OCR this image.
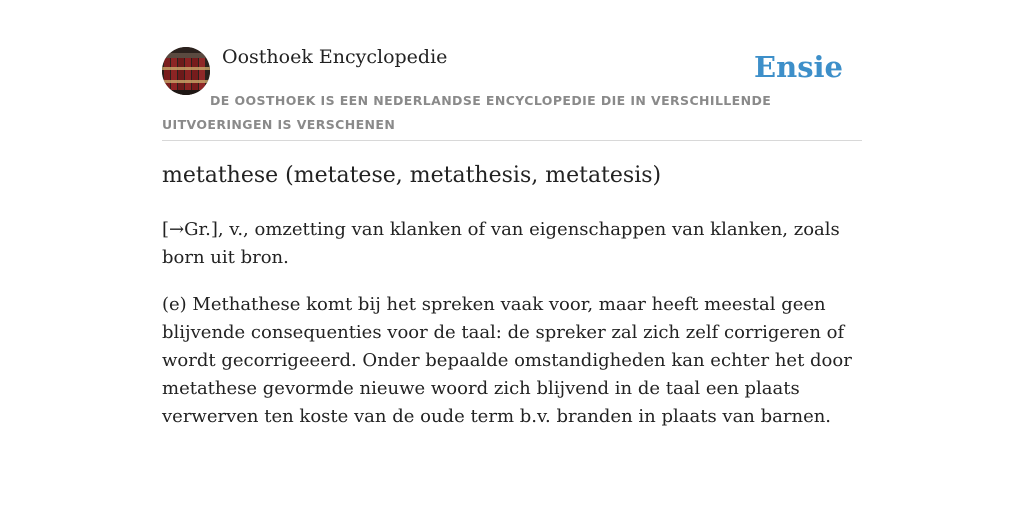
Oosthoek Encyclopedie	Ensie
DE OOSTHOEK IS EEN NEDERLANDSE ENCYCLOPEDIE DIE IN VERSCHILLENDE UITVOERINGEN IS VERSCHENEN
metathese (metatese, metathesis, metatesis)

[→Gr.], v., omzetting van klanken of van eigenschappen van klanken, zoals born uit bron.

(e) Methathese komt bij het spreken vaak voor, maar heeft meestal geen blijvende consequenties voor de taal: de spreker zal zich zelf corrigeren of wordt gecorrigeeerd. Onder bepaalde omstandigheden kan echter het door metathese gevormde nieuwe woord zich blijvend in de taal een plaats verwerven ten koste van de oude term b.v. branden in plaats van barnen.
